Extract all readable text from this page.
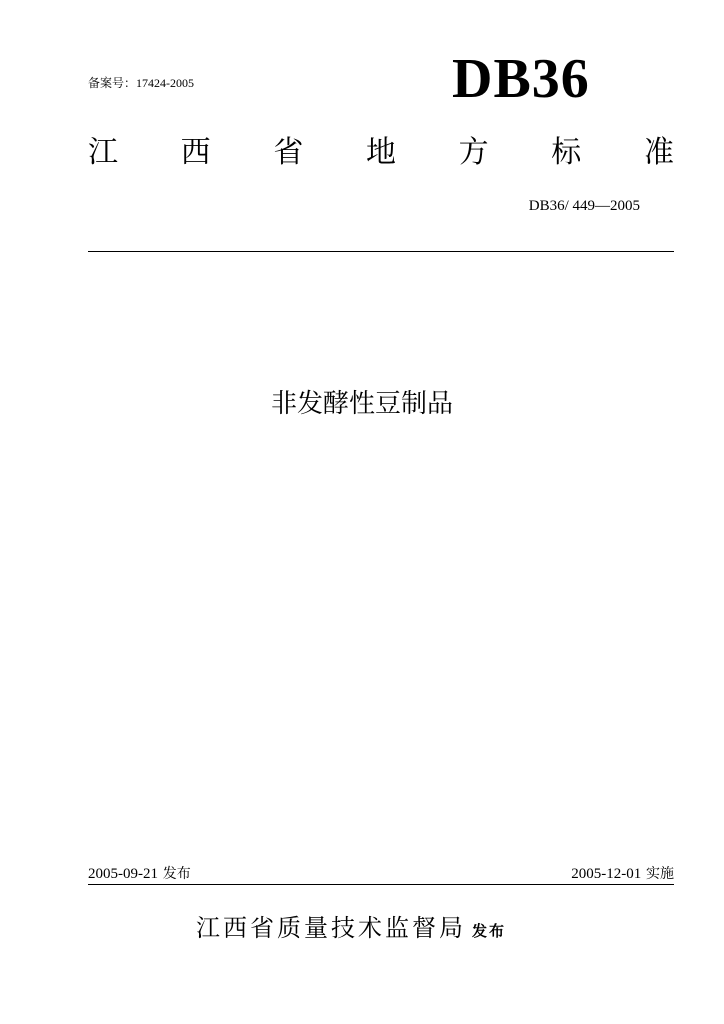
备案号：17424-2005	DB36
江 西 省 地 方 标 准
DB36/ 449—2005
非发酵性豆制品
2005-09-21 发布	2005-12-01 实施
江西省质量技术监督局 发布
